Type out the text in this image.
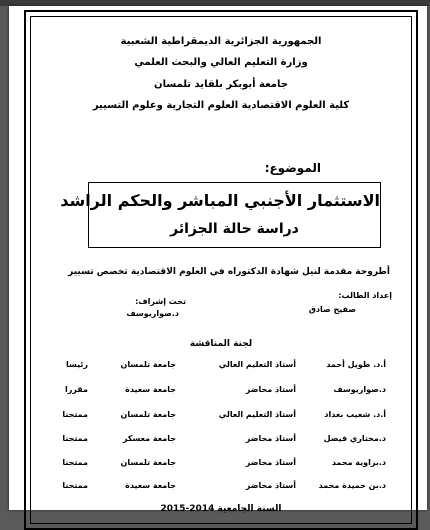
الجمهورية الجزائرية الديمقراطية الشعبية
وزارة التعليم العالي والبحث العلمي
جامعة أبوبكر بلقايد تلمسان
كلية العلوم الاقتصادية العلوم التجارية وعلوم التسيير
الموضوع:
الاستثمار الأجنبي المباشر والحكم الراشد
دراسة حالة الجزائر
أطروحة مقدمة لنيل شهادة الدكتوراه في العلوم الاقتصادية تخصص تسيير
إعداد الطالب:
صفيح صادق
تحت إشراف:
د.صواريوسف
لجنة المناقشة
أ.د. طويل أحمد
أستاذ التعليم العالي
جامعة تلمسان
رئيسا
د.صواريوسف
أستاذ محاضر
جامعة سعيدة
مقررا
أ.د. شعيب بغداد
أستاذ التعليم العالي
جامعة تلمسان
ممتحنا
د.مختاري فيصل
أستاذ محاضر
جامعة معسكر
ممتحنا
د.بزاوية محمد
أستاذ محاضر
جامعة تلمسان
ممتحنا
د.بن حميدة محمد
أستاذ محاضر
جامعة سعيدة
ممتحنا
السنة الجامعية 2014-2015
